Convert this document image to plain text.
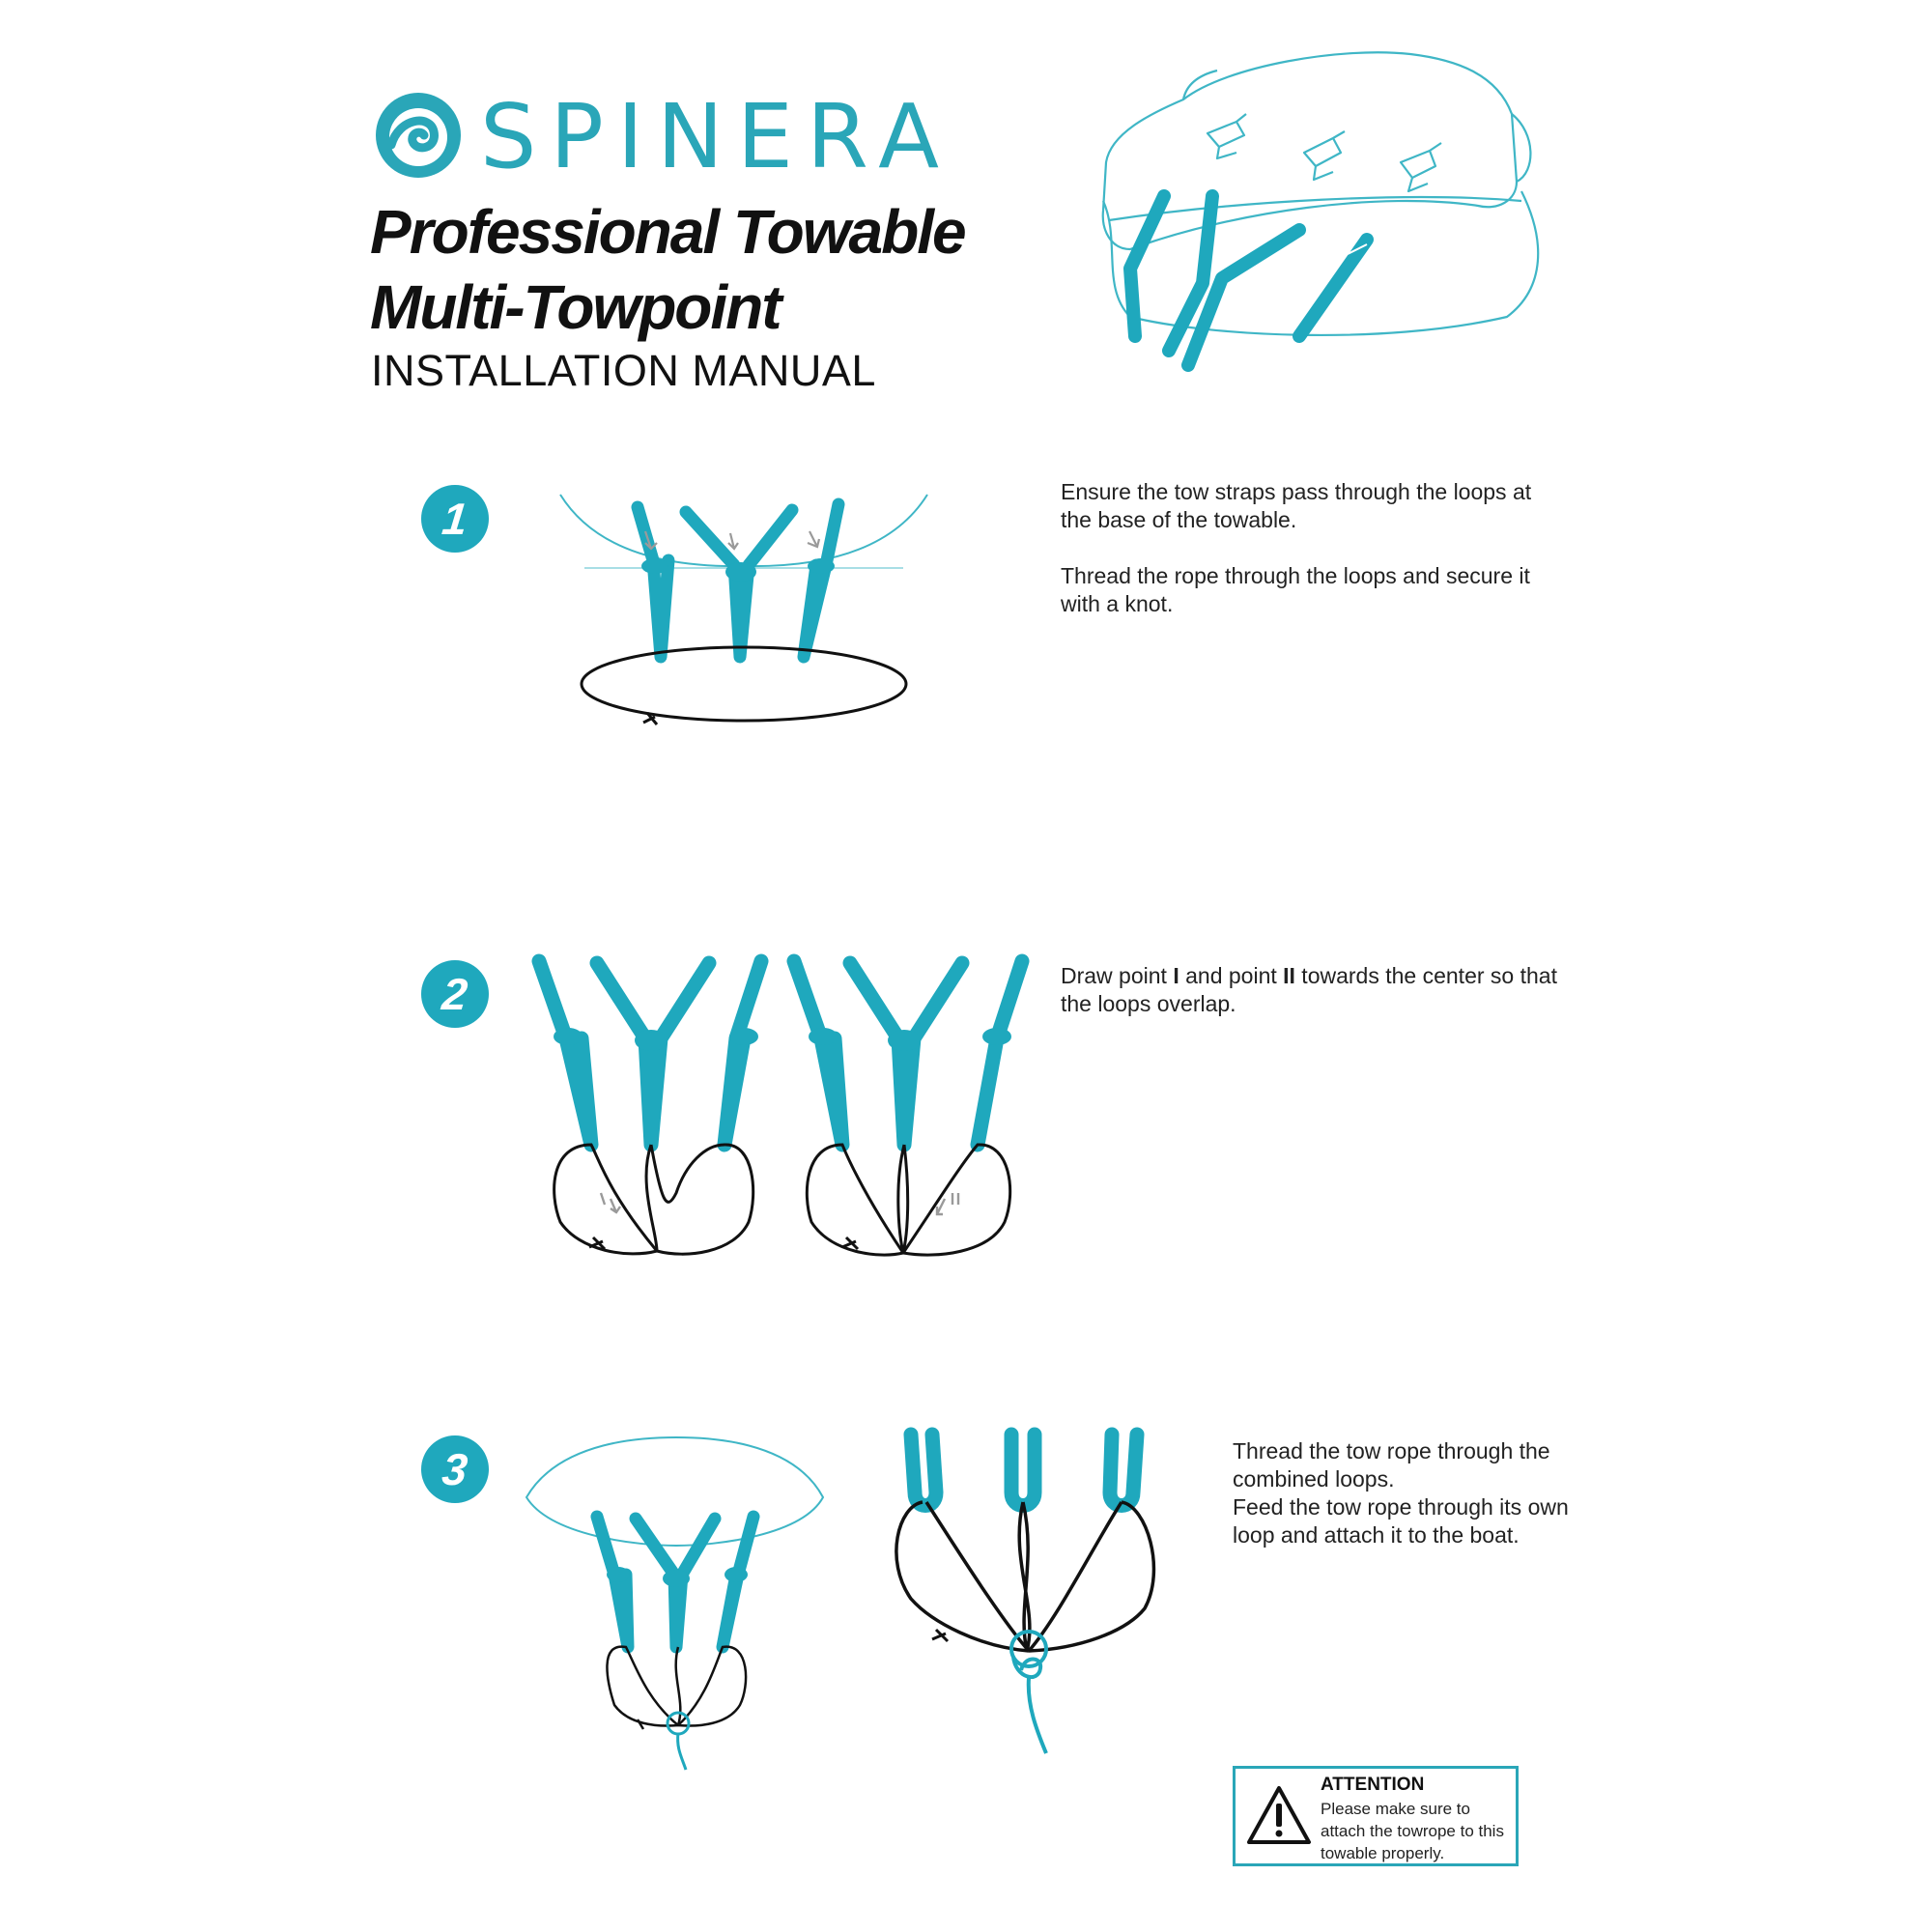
SPINERA
Professional Towable
Multi-Towpoint
INSTALLATION MANUAL
1

Ensure the tow straps pass through the loops at the base of the towable.

Thread the rope through the loops and secure it with a knot.

2	Draw point I and point II towards the center so that the loops overlap.
3	Thread the tow rope through the combined loops.
Feed the tow rope through its own loop and attach it to the boat.
ATTENTION
Please make sure to attach the towrope to this towable properly.
